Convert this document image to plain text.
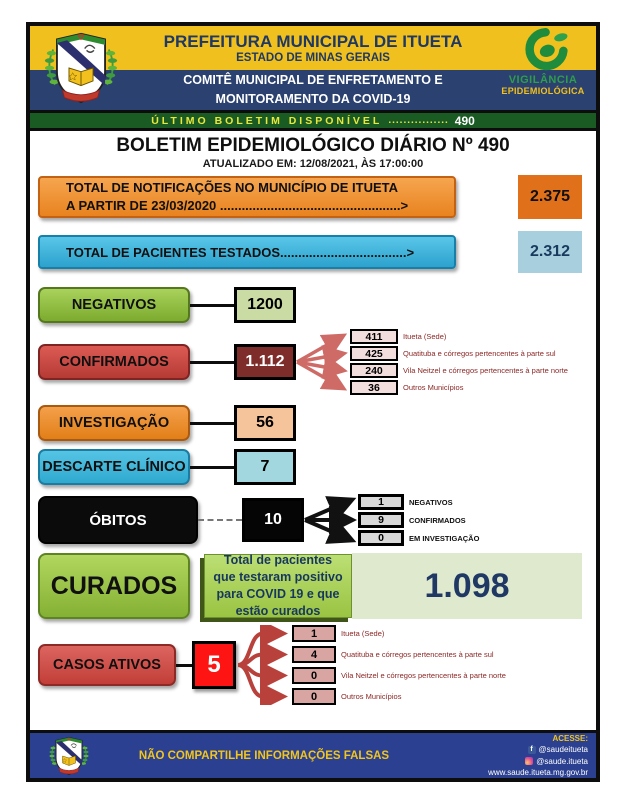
PREFEITURA MUNICIPAL DE ITUETA
ESTADO DE MINAS GERAIS
COMITÊ MUNICIPAL DE ENFRETAMENTO E
MONITORAMENTO DA COVID-19
VIGILÂNCIA
EPIDEMIOLÓGICA
ÚLTIMO BOLETIM DISPONÍVEL ................ 490
BOLETIM EPIDEMIOLÓGICO DIÁRIO Nº 490
ATUALIZADO EM: 12/08/2021, ÀS 17:00:00
TOTAL DE NOTIFICAÇÕES NO MUNICÍPIO DE ITUETA
A PARTIR DE 23/03/2020 ..................................................>
2.375
TOTAL DE PACIENTES TESTADOS...................................>	2.312
NEGATIVOS	1200
CONFIRMADOS	1.112
411	Itueta (Sede)
425	Quatituba e córregos pertencentes à parte sul
240	Vila Neitzel e córregos pertencentes à parte norte
36	Outros Municípios
INVESTIGAÇÃO	56
DESCARTE CLÍNICO	7
ÓBITOS	10
1	NEGATIVOS
9	CONFIRMADOS
0	EM INVESTIGAÇÃO
CURADOS
Total de pacientes que testaram positivo para COVID 19 e que estão curados
1.098
CASOS ATIVOS	5
1	Itueta (Sede)
4	Quatituba e córregos pertencentes à parte sul
0	Vila Neitzel e córregos pertencentes à parte norte
0	Outros Municípios
NÃO COMPARTILHE INFORMAÇÕES FALSAS
ACESSE:
f @saudeitueta
@saude.itueta
www.saude.itueta.mg.gov.br
